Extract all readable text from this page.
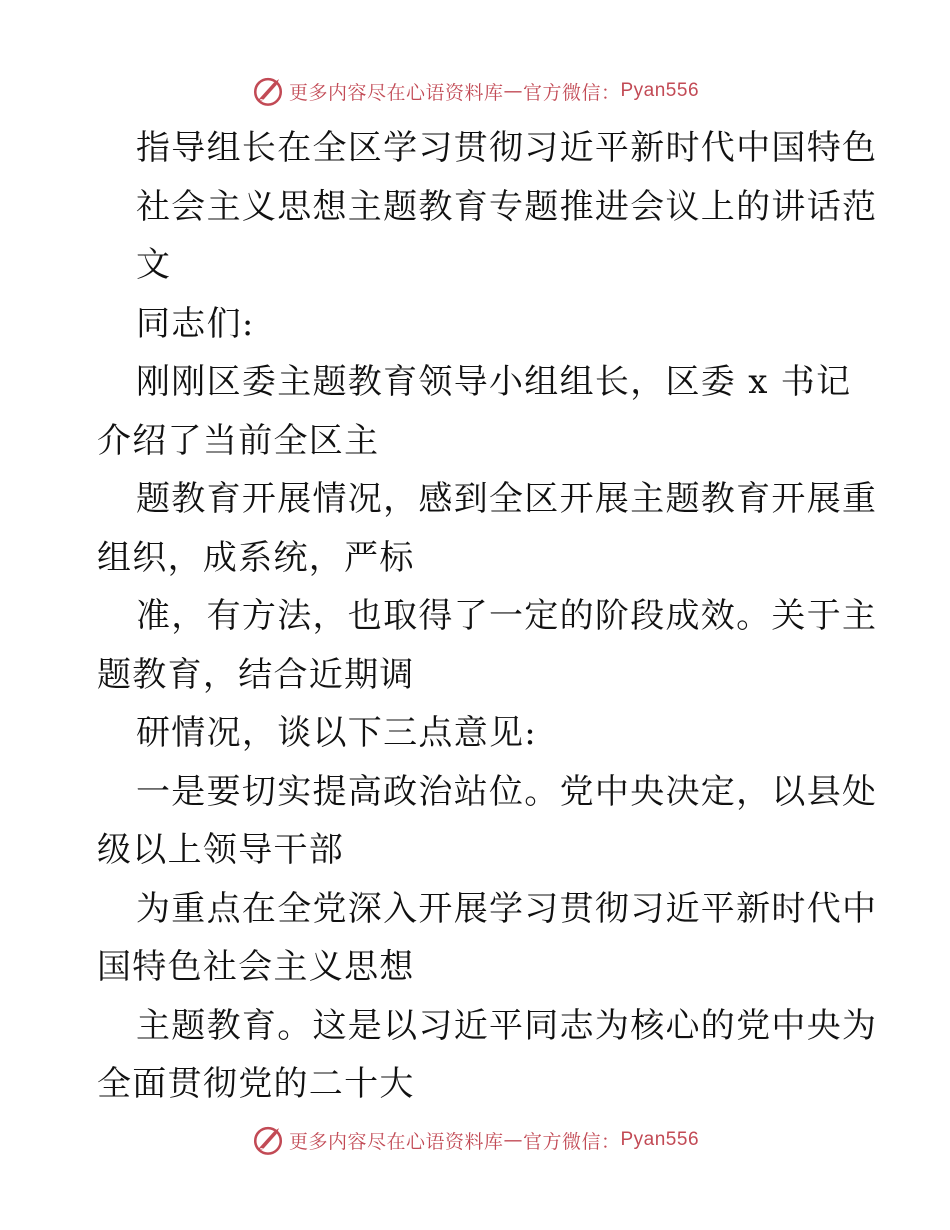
更多内容尽在心语资料库 — 官方微信： Pyan556
指导组长在全区学习贯彻习近平新时代中国特色
社会主义思想主题教育专题推进会议上的讲话范
文
同志们:
刚刚区委主题教育领导小组组长，区委 x 书记
介绍了当前全区主
题教育开展情况，感到全区开展主题教育开展重
组织，成系统，严标
准，有方法，也取得了一定的阶段成效。关于主
题教育，结合近期调
研情况，谈以下三点意见:
一是要切实提高政治站位。党中央决定，以县处
级以上领导干部
为重点在全党深入开展学习贯彻习近平新时代中
国特色社会主义思想
主题教育。这是以习近平同志为核心的党中央为
全面贯彻党的二十大
更多内容尽在心语资料库 — 官方微信： Pyan556
